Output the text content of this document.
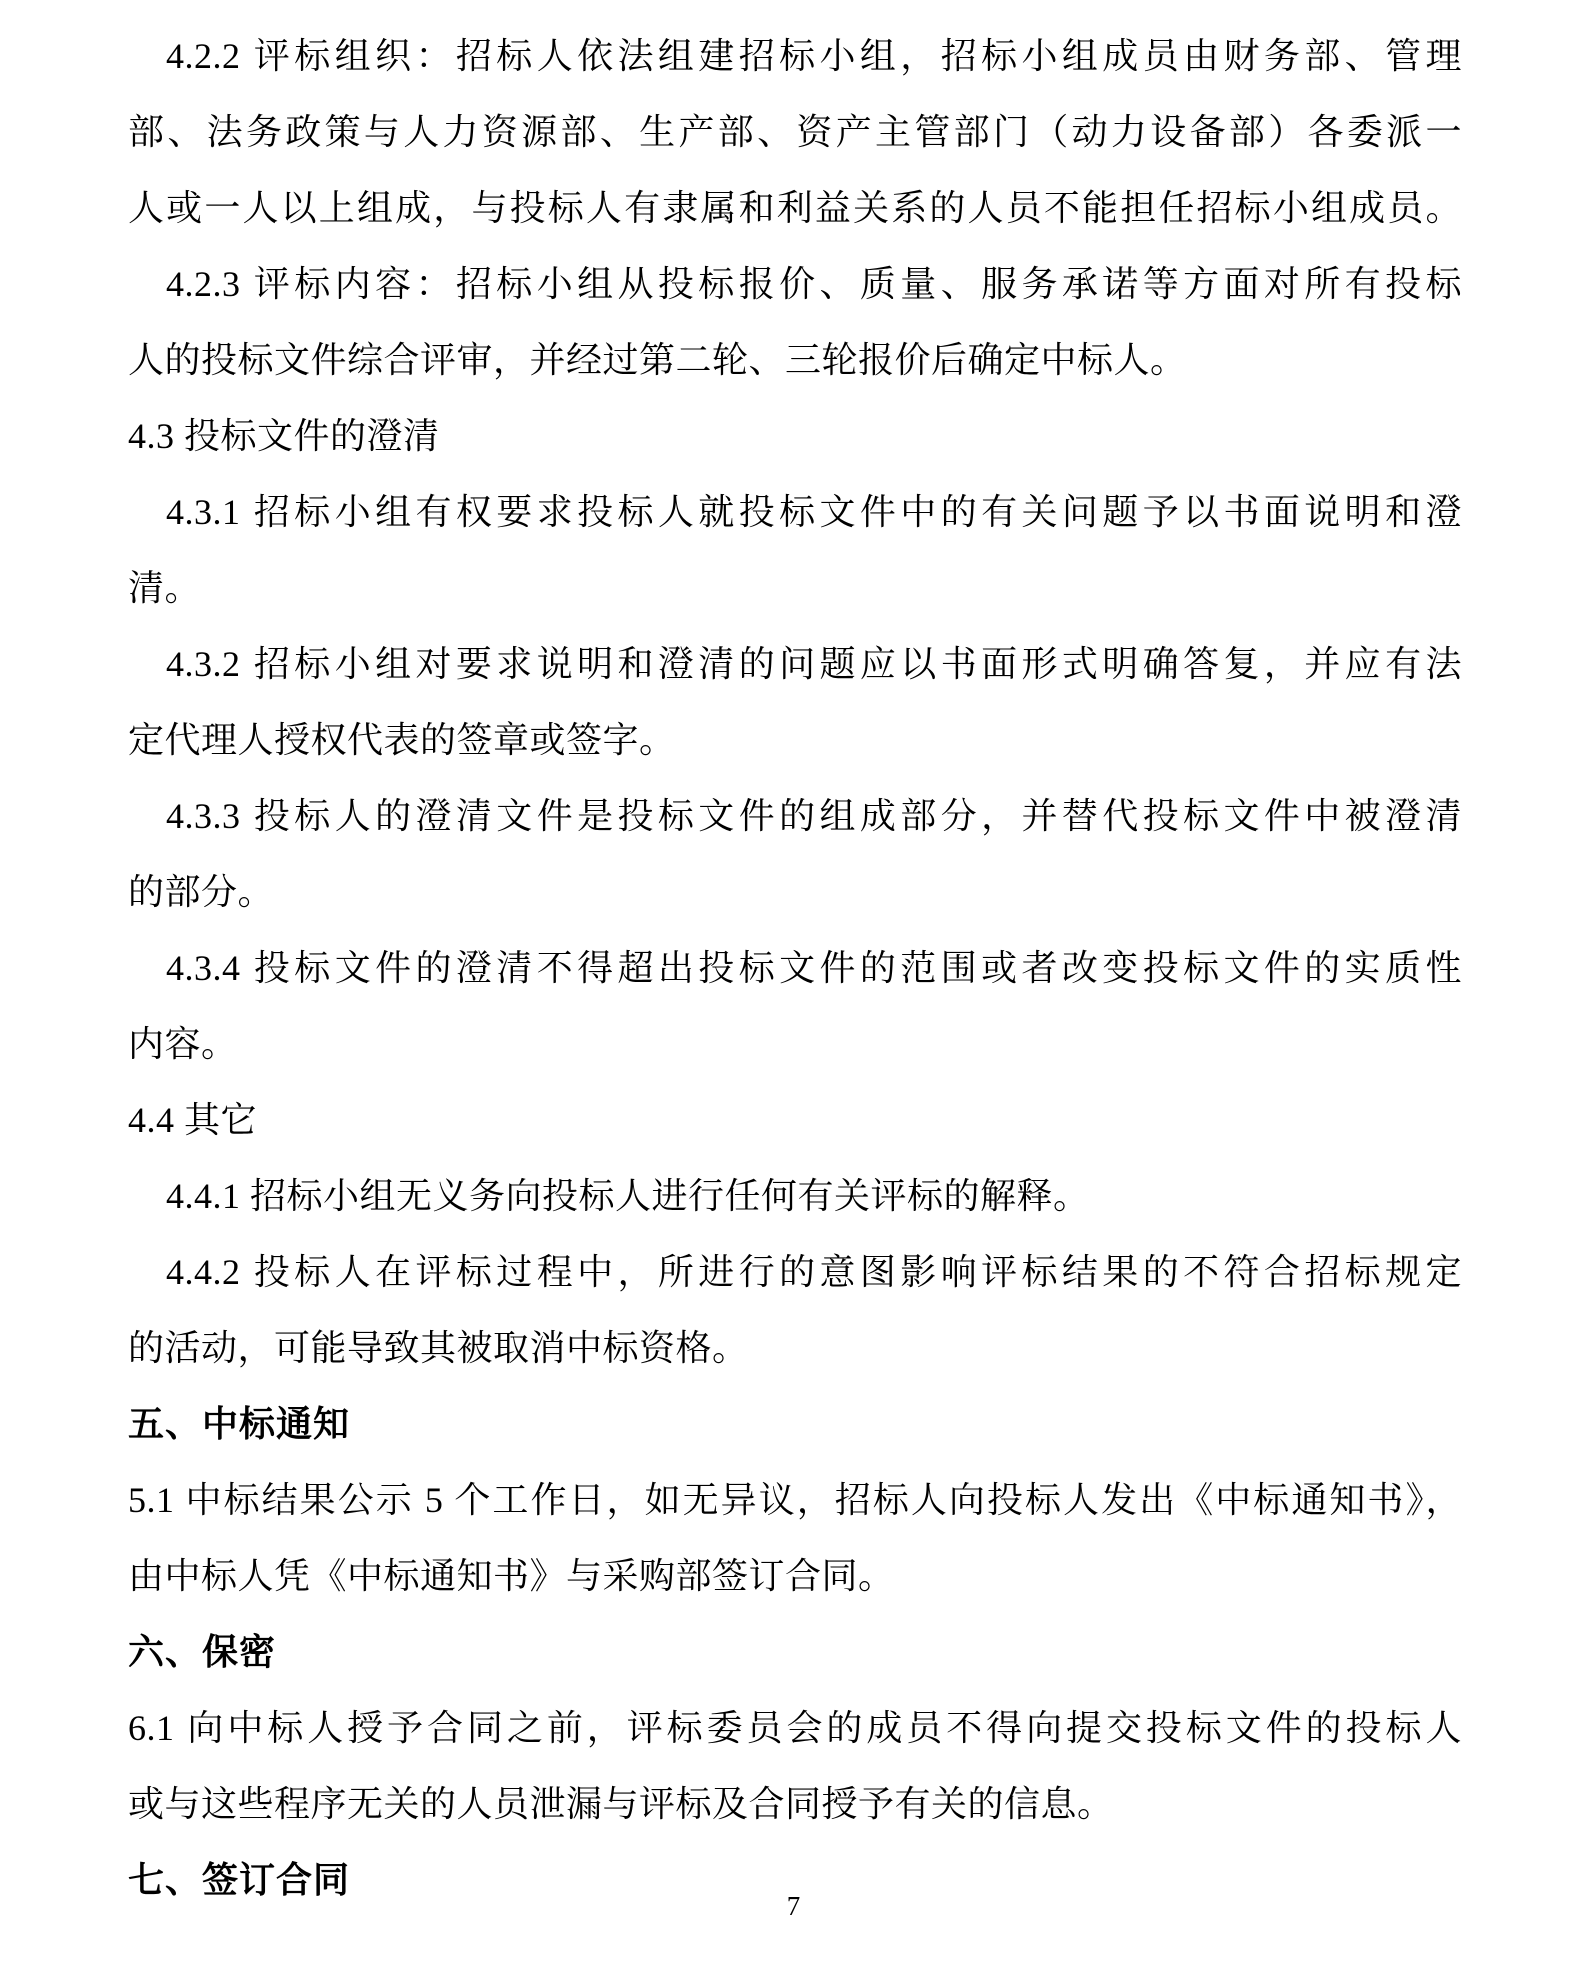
4.2.2 评标组织：招标人依法组建招标小组，招标小组成员由财务部、管理
部、法务政策与人力资源部、生产部、资产主管部门（动力设备部）各委派一
人或一人以上组成，与投标人有隶属和利益关系的人员不能担任招标小组成员。
4.2.3 评标内容：招标小组从投标报价、质量、服务承诺等方面对所有投标
人的投标文件综合评审，并经过第二轮、三轮报价后确定中标人。
4.3 投标文件的澄清
4.3.1 招标小组有权要求投标人就投标文件中的有关问题予以书面说明和澄
清。
4.3.2 招标小组对要求说明和澄清的问题应以书面形式明确答复，并应有法
定代理人授权代表的签章或签字。
4.3.3 投标人的澄清文件是投标文件的组成部分，并替代投标文件中被澄清
的部分。
4.3.4 投标文件的澄清不得超出投标文件的范围或者改变投标文件的实质性
内容。
4.4 其它
4.4.1 招标小组无义务向投标人进行任何有关评标的解释。
4.4.2 投标人在评标过程中，所进行的意图影响评标结果的不符合招标规定
的活动，可能导致其被取消中标资格。
五、中标通知
5.1 中标结果公示 5 个工作日，如无异议，招标人向投标人发出《中标通知书》，
由中标人凭《中标通知书》与采购部签订合同。
六、保密
6.1 向中标人授予合同之前，评标委员会的成员不得向提交投标文件的投标人
或与这些程序无关的人员泄漏与评标及合同授予有关的信息。
七、签订合同
7
